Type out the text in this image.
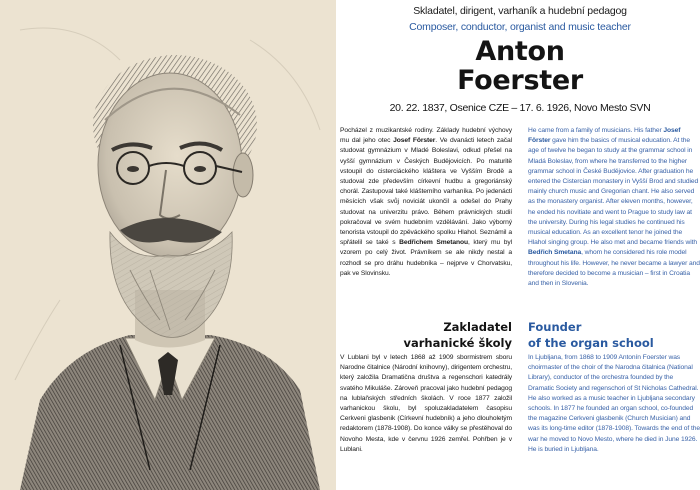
Skladatel, dirigent, varhaník a hudební pedagog
Composer, conductor, organist and music teacher
Anton
Foerster
20. 22. 1837, Osenice CZE – 17. 6. 1926, Novo Mesto SVN
Pocházel z muzikantské rodiny. Základy hudební výchovy mu dal jeho otec Josef Förster. Ve dvanácti letech začal studovat gymnázium v Mladé Boleslavi, odkud přešel na vyšší gymnázium v Českých Budějovicích. Po maturitě vstoupil do cisterciáckého kláštera ve Vyšším Brodě a studoval zde především církevní hudbu a gregoriánský chorál. Zastupoval také kláštemího varhaníka. Po jedenácti měsících však svůj noviciát ukončil a odešel do Prahy studovat na univerzitu právo. Během právnických studií pokračoval ve svém hudebním vzdělávání. Jako výborný tenorista vstoupil do zpěváckého spolku Hlahol. Seznámil a spřátelil se také s Bedřichem Smetanou, který mu byl vzorem po celý život. Právníkem se ale nikdy nestal a rozhodl se pro dráhu hudebníka – nejprve v Chorvatsku, pak ve Slovinsku.
He came from a family of musicians. His father Josef Förster gave him the basics of musical education. At the age of twelve he began to study at the grammar school in Mladá Boleslav, from where he transferred to the higher grammar school in České Budějovice. After graduation he entered the Cistercian monastery in Vyšší Brod and studied mainly church music and Gregorian chant. He also served as the monastery organist. After eleven months, however, he ended his novitiate and went to Prague to study law at the university. During his legal studies he continued his musical education. As an excellent tenor he joined the Hlahol singing group. He also met and became friends with Bedřich Smetana, whom he considered his role model throughout his life. However, he never became a lawyer and therefore decided to become a musician – first in Croatia and then in Slovenia.
Zakladatel
varhanické školy
Founder
of the organ school
V Lublani byl v letech 1868 až 1909 sbormistrem sboru Narodne čitalnice (Národní knihovny), dirigentem orchestru, který založila Dramatična društva a regenschori katedrály svatého Mikuláše. Zároveň pracoval jako hudební pedagog na lublaňských středních školách. V roce 1877 založil varhanickou školu, byl spoluzakladatelem časopisu Cerkveni glasbenik (Církevní hudebník) a jeho dlouholetým redaktorem (1878-1908). Do konce války se přestěhoval do Novoho Mesta, kde v červnu 1926 zemřel. Pohřben je v Lublani.
In Ljubljana, from 1868 to 1909 Antonín Foerster was choirmaster of the choir of the Narodna čitalnica (National Library), conductor of the orchestra founded by the Dramatic Society and regenschori of St Nicholas Cathedral. He also worked as a music teacher in Ljubljana secondary schools. In 1877 he founded an organ school, co-founded the magazine Cerkveni glasbenik (Church Musician) and was its long-time editor (1878-1908). Towards the end of the war he moved to Novo Mesto, where he died in June 1926. He is buried in Ljubljana.
